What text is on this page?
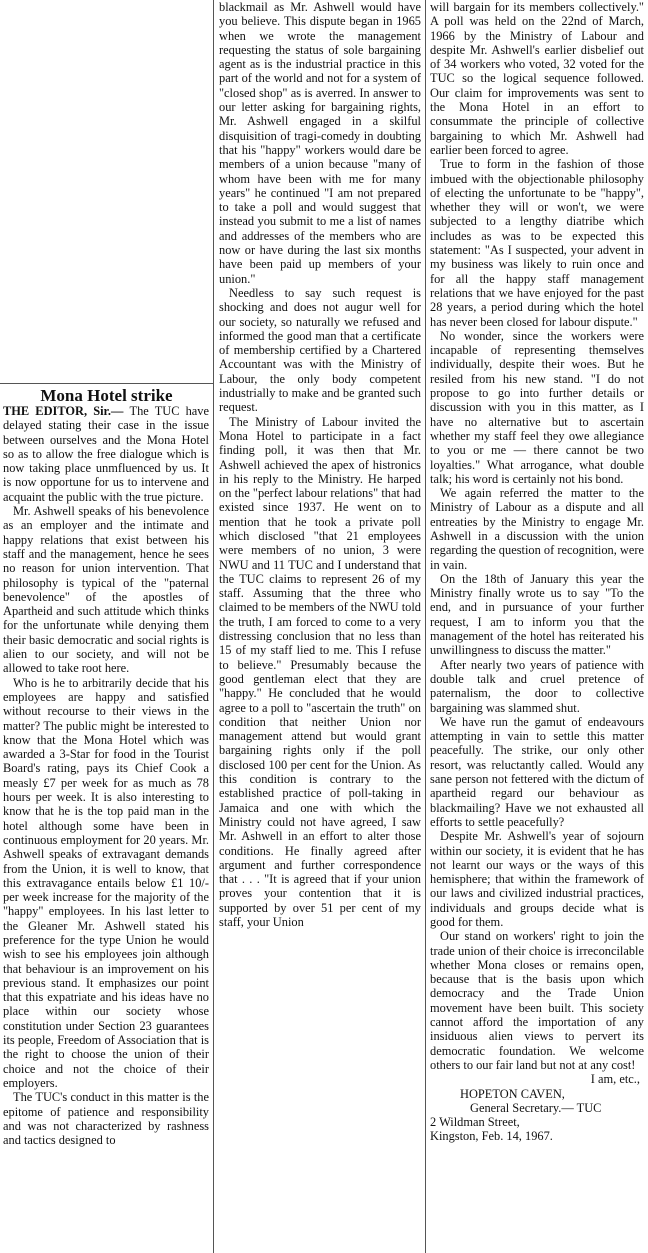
Mona Hotel strike

THE EDITOR, Sir.— The TUC have delayed stating their case in the issue between ourselves and the Mona Hotel so as to allow the free dialogue which is now taking place unmfluenced by us. It is now opportune for us to intervene and acquaint the public with the true picture.

Mr. Ashwell speaks of his benevolence as an employer and the intimate and happy relations that exist between his staff and the management, hence he sees no reason for union intervention. That philosophy is typical of the "paternal benevolence" of the apostles of Apartheid and such attitude which thinks for the unfortunate while denying them their basic democratic and social rights is alien to our society, and will not be allowed to take root here.

Who is he to arbitrarily decide that his employees are happy and satisfied without recourse to their views in the matter? The public might be interested to know that the Mona Hotel which was awarded a 3-Star for food in the Tourist Board's rating, pays its Chief Cook a measly £7 per week for as much as 78 hours per week. It is also interesting to know that he is the top paid man in the hotel although some have been in continuous employment for 20 years. Mr. Ashwell speaks of extravagant demands from the Union, it is well to know, that this extravagance entails below £1 10/- per week increase for the majority of the "happy" employees. In his last letter to the Gleaner Mr. Ashwell stated his preference for the type Union he would wish to see his employees join although that behaviour is an improvement on his previous stand. It emphasizes our point that this expatriate and his ideas have no place within our society whose constitution under Section 23 guarantees its people, Freedom of Association that is the right to choose the union of their choice and not the choice of their employers.

The TUC's conduct in this matter is the epitome of patience and responsibility and was not characterized by rashness and tactics designed to

blackmail as Mr. Ashwell would have you believe. This dispute began in 1965 when we wrote the management requesting the status of sole bargaining agent as is the industrial practice in this part of the world and not for a system of "closed shop" as is averred. In answer to our letter asking for bargaining rights, Mr. Ashwell engaged in a skilful disquisition of tragi-comedy in doubting that his "happy" workers would dare be members of a union because "many of whom have been with me for many years" he continued "I am not prepared to take a poll and would suggest that instead you submit to me a list of names and addresses of the members who are now or have during the last six months have been paid up members of your union."

Needless to say such request is shocking and does not augur well for our society, so naturally we refused and informed the good man that a certificate of membership certified by a Chartered Accountant was with the Ministry of Labour, the only body competent industrially to make and be granted such request.

The Ministry of Labour invited the Mona Hotel to participate in a fact finding poll, it was then that Mr. Ashwell achieved the apex of histronics in his reply to the Ministry. He harped on the "perfect labour relations" that had existed since 1937. He went on to mention that he took a private poll which disclosed "that 21 employees were members of no union, 3 were NWU and 11 TUC and I understand that the TUC claims to represent 26 of my staff. Assuming that the three who claimed to be members of the NWU told the truth, I am forced to come to a very distressing conclusion that no less than 15 of my staff lied to me. This I refuse to believe." Presumably because the good gentleman elect that they are "happy." He concluded that he would agree to a poll to "ascertain the truth" on condition that neither Union nor management attend but would grant bargaining rights only if the poll disclosed 100 per cent for the Union. As this condition is contrary to the established practice of poll-taking in Jamaica and one with which the Ministry could not have agreed, I saw Mr. Ashwell in an effort to alter those conditions. He finally agreed after argument and further correspondence that . . . "It is agreed that if your union proves your contention that it is supported by over 51 per cent of my staff, your Union

will bargain for its members collectively." A poll was held on the 22nd of March, 1966 by the Ministry of Labour and despite Mr. Ashwell's earlier disbelief out of 34 workers who voted, 32 voted for the TUC so the logical sequence followed. Our claim for improvements was sent to the Mona Hotel in an effort to consummate the principle of collective bargaining to which Mr. Ashwell had earlier been forced to agree.

True to form in the fashion of those imbued with the objectionable philosophy of electing the unfortunate to be "happy", whether they will or won't, we were subjected to a lengthy diatribe which includes as was to be expected this statement: "As I suspected, your advent in my business was likely to ruin once and for all the happy staff management relations that we have enjoyed for the past 28 years, a period during which the hotel has never been closed for labour dispute."

No wonder, since the workers were incapable of representing themselves individually, despite their woes. But he resiled from his new stand. "I do not propose to go into further details or discussion with you in this matter, as I have no alternative but to ascertain whether my staff feel they owe allegiance to you or me — there cannot be two loyalties." What arrogance, what double talk; his word is certainly not his bond.

We again referred the matter to the Ministry of Labour as a dispute and all entreaties by the Ministry to engage Mr. Ashwell in a discussion with the union regarding the question of recognition, were in vain.

On the 18th of January this year the Ministry finally wrote us to say "To the end, and in pursuance of your further request, I am to inform you that the management of the hotel has reiterated his unwillingness to discuss the matter."

After nearly two years of patience with double talk and cruel pretence of paternalism, the door to collective bargaining was slammed shut.

We have run the gamut of endeavours attempting in vain to settle this matter peacefully. The strike, our only other resort, was reluctantly called. Would any sane person not fettered with the dictum of apartheid regard our behaviour as blackmailing? Have we not exhausted all efforts to settle peacefully?

Despite Mr. Ashwell's year of sojourn within our society, it is evident that he has not learnt our ways or the ways of this hemisphere; that within the framework of our laws and civilized industrial practices, individuals and groups decide what is good for them.

Our stand on workers' right to join the trade union of their choice is irreconcilable whether Mona closes or remains open, because that is the basis upon which democracy and the Trade Union movement have been built. This society cannot afford the importation of any insiduous alien views to pervert its democratic foundation. We welcome others to our fair land but not at any cost!

I am, etc.,

HOPETON CAVEN,

General Secretary.— TUC

2 Wildman Street,

Kingston, Feb. 14, 1967.
